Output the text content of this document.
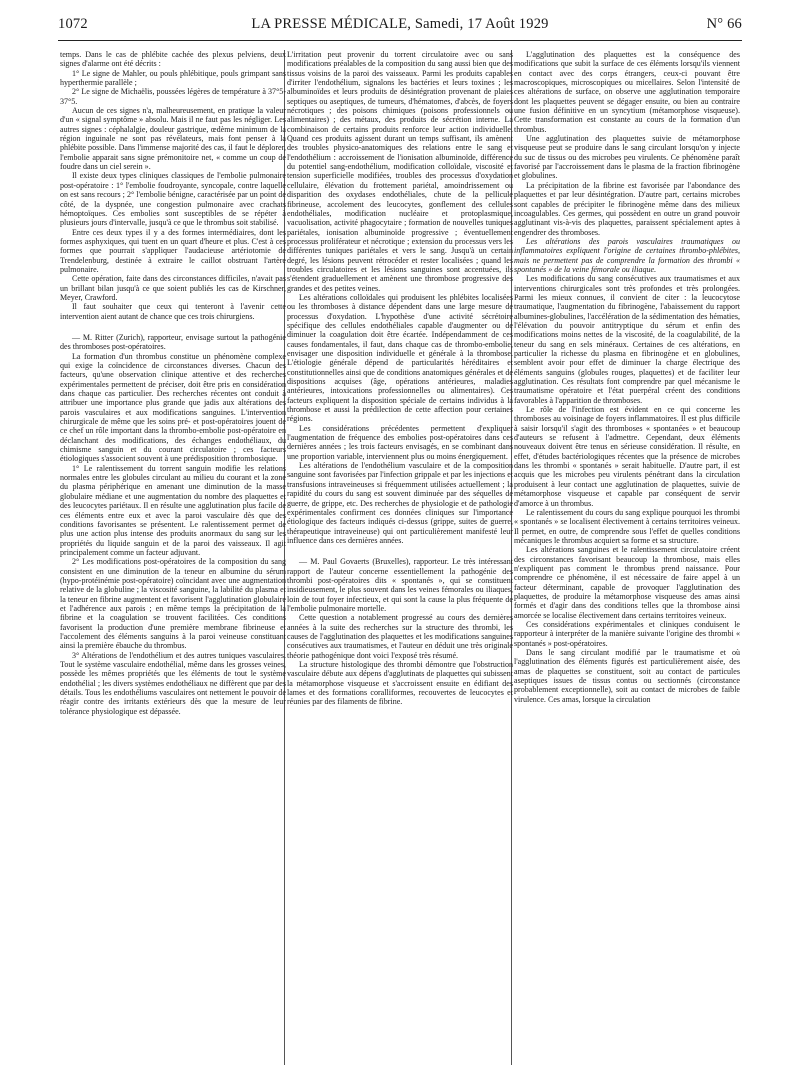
1072	LA PRESSE MÉDICALE, Samedi, 17 Août 1929	N° 66

temps. Dans le cas de phlébite cachée des plexus pelviens, deux signes d'alarme ont été décrits :

1° Le signe de Mahler, ou pouls phlébitique, pouls grimpant sans hyperthermie parallèle ;

2° Le signe de Michaëlis, poussées légères de température à 37°5-37°5.

Aucun de ces signes n'a, malheureusement, en pratique la valeur d'un « signal symptôme » absolu. Mais il ne faut pas les négliger. Les autres signes : céphalalgie, douleur gastrique, œdème minimum de la région inguinale ne sont pas révélateurs, mais font penser à la phlébite possible. Dans l'immense majorité des cas, il faut le déplorer, l'embolie apparait sans signe prémonitoire net, « comme un coup de foudre dans un ciel serein ».

Il existe deux types cliniques classiques de l'embolie pulmonaire post-opératoire : 1° l'embolie foudroyante, syncopale, contre laquelle on est sans recours ; 2° l'embolie bénigne, caractérisée par un point de côté, de la dyspnée, une congestion pulmonaire avec crachats hémoptoïques. Ces embolies sont susceptibles de se répéter à plusieurs jours d'intervalle, jusqu'à ce que le thrombus soit stabilisé.

Entre ces deux types il y a des formes intermédiaires, dont les formes asphyxiques, qui tuent en un quart d'heure et plus. C'est à ces formes que pourrait s'appliquer l'audacieuse artériotomie de Trendelenburg, destinée à extraire le caillot obstruant l'artère pulmonaire.

Cette opération, faite dans des circonstances difficiles, n'avait pas un brillant bilan jusqu'à ce que soient publiés les cas de Kirschner, Meyer, Crawford.

Il faut souhaiter que ceux qui tenteront à l'avenir cette intervention aient autant de chance que ces trois chirurgiens.

— M. Ritter (Zurich), rapporteur, envisage surtout la pathogénie des thromboses post-opératoires.

La formation d'un thrombus constitue un phénomène complexe qui exige la coïncidence de circonstances diverses. Chacun des facteurs, qu'une observation clinique attentive et des recherches expérimentales permettent de préciser, doit être pris en considération dans chaque cas particulier. Des recherches récentes ont conduit à attribuer une importance plus grande que jadis aux altérations des parois vasculaires et aux modifications sanguines. L'intervention chirurgicale de même que les soins pré- et post-opératoires jouent de ce chef un rôle important dans la thrombo-embolie post-opératoire en déclanchant des modifications, des échanges endothéliaux, du chimisme sanguin et du courant circulatoire ; ces facteurs étiologiques s'associent souvent à une prédisposition thrombosique.

1° Le ralentissement du torrent sanguin modifie les relations normales entre les globules circulant au milieu du courant et la zone du plasma périphérique en amenant une diminution de la masse globulaire médiane et une augmentation du nombre des plaquettes et des leucocytes pariétaux. Il en résulte une agglutination plus facile de ces éléments entre eux et avec la paroi vasculaire dès que des conditions favorisantes se présentent. Le ralentissement permet de plus une action plus intense des produits anormaux du sang sur les propriétés du liquide sanguin et de la paroi des vaisseaux. Il agit principalement comme un facteur adjuvant.

2° Les modifications post-opératoires de la composition du sang consistent en une diminution de la teneur en albumine du sérum (hypo-protéinémie post-opératoire) coïncidant avec une augmentation relative de la globuline ; la viscosité sanguine, la labilité du plasma et la teneur en fibrine augmentent et favorisent l'agglutination globulaire et l'adhérence aux parois ; en même temps la précipitation de la fibrine et la coagulation se trouvent facilitées. Ces conditions favorisent la production d'une première membrane fibrineuse et l'accolement des éléments sanguins à la paroi veineuse constituant ainsi la première ébauche du thrombus.

3° Altérations de l'endothélium et des autres tuniques vasculaires. Tout le système vasculaire endothélial, même dans les grosses veines, possède les mêmes propriétés que les éléments de tout le système endothélial ; les divers systèmes endothéliaux ne diffèrent que par des détails. Tous les endothéliums vasculaires ont nettement le pouvoir de réagir contre des irritants extérieurs dès que la mesure de leur tolérance physiologique est dépassée.

L'irritation peut provenir du torrent circulatoire avec ou sans modifications préalables de la composition du sang aussi bien que des tissus voisins de la paroi des vaisseaux. Parmi les produits capables d'irriter l'endothélium, signalons les bactéries et leurs toxines ; les albuminoïdes et leurs produits de désintégration provenant de plaies septiques ou aseptiques, de tumeurs, d'hématomes, d'abcès, de foyers nécrotiques ; des poisons chimiques (poisons professionnels ou alimentaires) ; des métaux, des produits de sécrétion interne. La combinaison de certains produits renforce leur action individuelle. Quand ces produits agissent durant un temps suffisant, ils amènent des troubles physico-anatomiques des relations entre le sang et l'endothélium : accroissement de l'ionisation albuminoïde, différence du potentiel sang-endothélium, modification colloïdale, viscosité et tension superficielle modifiées, troubles des processus d'oxydation cellulaire, élévation du frottement pariétal, amoindrissement ou disparition des oxydases endothéliales, chute de la pellicule fibrineuse, accolement des leucocytes, gonflement des cellules endothéliales, modification nucléaire et protoplasmique, vacuolisation, activité phagocytaire ; formation de nouvelles tuniques pariétales, ionisation albuminoïde progressive ; éventuellement processus proliférateur et nécrotique ; extension du processus vers les différentes tuniques pariétales et vers le sang. Jusqu'à un certain degré, les lésions peuvent rétrocéder et rester localisées ; quand les troubles circulatoires et les lésions sanguines sont accentuées, ils s'étendent graduellement et amènent une thrombose progressive des grandes et des petites veines.

Les altérations colloïdales qui produisent les phlébites localisées ou les thromboses à distance dépendent dans une large mesure de processus d'oxydation. L'hypothèse d'une activité sécrétoire spécifique des cellules endothéliales capable d'augmenter ou de diminuer la coagulation doit être écartée. Indépendamment de ces causes fondamentales, il faut, dans chaque cas de thrombo-embolie, envisager une disposition individuelle et générale à la thrombose. L'étiologie générale dépend de particularités héréditaires et constitutionnelles ainsi que de conditions anatomiques générales et de dispositions acquises (âge, opérations antérieures, maladies antérieures, intoxications professionnelles ou alimentaires). Ces facteurs expliquent la disposition spéciale de certains individus à la thrombose et aussi la prédilection de cette affection pour certaines régions.

Les considérations précédentes permettent d'expliquer l'augmentation de fréquence des embolies post-opératoires dans ces dernières années ; les trois facteurs envisagés, en se combinant dans une proportion variable, interviennent plus ou moins énergiquement.

Les altérations de l'endothélium vasculaire et de la composition sanguine sont favorisées par l'infection grippale et par les injections et transfusions intraveineuses si fréquemment utilisées actuellement ; la rapidité du cours du sang est souvent diminuée par des séquelles de guerre, de grippe, etc. Des recherches de physiologie et de pathologie expérimentales confirment ces données cliniques sur l'importance étiologique des facteurs indiqués ci-dessus (grippe, suites de guerre, thérapeutique intraveineuse) qui ont particulièrement manifesté leur influence dans ces dernières années.

— M. Paul Govaerts (Bruxelles), rapporteur. Le très intéressant rapport de l'auteur concerne essentiellement la pathogénie des thrombi post-opératoires dits « spontanés », qui se constituent insidieusement, le plus souvent dans les veines fémorales ou iliaques, loin de tout foyer infectieux, et qui sont la cause la plus fréquente de l'embolie pulmonaire mortelle.

Cette question a notablement progressé au cours des dernières années à la suite des recherches sur la structure des thrombi, les causes de l'agglutination des plaquettes et les modifications sanguines consécutives aux traumatismes, et l'auteur en déduit une très originale théorie pathogénique dont voici l'exposé très résumé.

La structure histologique des thrombi démontre que l'obstruction vasculaire débute aux dépens d'agglutinats de plaquettes qui subissent la métamorphose visqueuse et s'accroissent ensuite en édifiant des lames et des formations coralliformes, recouvertes de leucocytes et réunies par des filaments de fibrine.

L'agglutination des plaquettes est la conséquence des modifications que subit la surface de ces éléments lorsqu'ils viennent en contact avec des corps étrangers, ceux-ci pouvant être macroscopiques, microscopiques ou micellaires. Selon l'intensité de ces altérations de surface, on observe une agglutination temporaire dont les plaquettes peuvent se dégager ensuite, ou bien au contraire une fusion définitive en un syncytium (métamorphose visqueuse). Cette transformation est constante au cours de la formation d'un thrombus.

Une agglutination des plaquettes suivie de métamorphose visqueuse peut se produire dans le sang circulant lorsqu'on y injecte du suc de tissus ou des microbes peu virulents. Ce phénomène paraît favorisé par l'accroissement dans le plasma de la fraction fibrinogène et globulines.

La précipitation de la fibrine est favorisée par l'abondance des plaquettes et par leur désintégration. D'autre part, certains microbes sont capables de précipiter le fibrinogène même dans des milieux incoagulables. Ces germes, qui possèdent en outre un grand pouvoir agglutinant vis-à-vis des plaquettes, paraissent spécialement aptes à engendrer des thromboses.

Les altérations des parois vasculaires traumatiques ou inflammatoires expliquent l'origine de certaines thrombo-phlébites, mais ne permettent pas de comprendre la formation des thrombi « spontanés » de la veine fémorale ou iliaque.

Les modifications du sang consécutives aux traumatismes et aux interventions chirurgicales sont très profondes et très prolongées. Parmi les mieux connues, il convient de citer : la leucocytose traumatique, l'augmentation du fibrinogène, l'abaissement du rapport albumines-globulines, l'accélération de la sédimentation des hématies, l'élévation du pouvoir antitryptique du sérum et enfin des modifications moins nettes de la viscosité, de la coagulabilité, de la teneur du sang en sels minéraux. Certaines de ces altérations, en particulier la richesse du plasma en fibrinogène et en globulines, semblent avoir pour effet de diminuer la charge électrique des éléments sanguins (globules rouges, plaquettes) et de faciliter leur agglutination. Ces résultats font comprendre par quel mécanisme le traumatisme opératoire et l'état puerpéral créent des conditions favorables à l'apparition de thromboses.

Le rôle de l'infection est évident en ce qui concerne les thromboses au voisinage de foyers inflammatoires. Il est plus difficile à saisir lorsqu'il s'agit des thromboses « spontanées » et beaucoup d'auteurs se refusent à l'admettre. Cependant, deux éléments nouveaux doivent être tenus en sérieuse considération. Il résulte, en effet, d'études bactériologiques récentes que la présence de microbes dans les thrombi « spontanés » serait habituelle. D'autre part, il est acquis que les microbes peu virulents pénétrant dans la circulation produisent à leur contact une agglutination de plaquettes, suivie de métamorphose visqueuse et capable par conséquent de servir d'amorce à un thrombus.

Le ralentissement du cours du sang explique pourquoi les thrombi « spontanés » se localisent électivement à certains territoires veineux. Il permet, en outre, de comprendre sous l'effet de quelles conditions mécaniques le thrombus acquiert sa forme et sa structure.

Les altérations sanguines et le ralentissement circulatoire créent des circonstances favorisant beaucoup la thrombose, mais elles n'expliquent pas comment le thrombus prend naissance. Pour comprendre ce phénomène, il est nécessaire de faire appel à un facteur déterminant, capable de provoquer l'agglutination des plaquettes, de produire la métamorphose visqueuse des amas ainsi formés et d'agir dans des conditions telles que la thrombose ainsi amorcée se localise électivement dans certains territoires veineux.

Ces considérations expérimentales et cliniques conduisent le rapporteur à interpréter de la manière suivante l'origine des thrombi « spontanés » post-opératoires.

Dans le sang circulant modifié par le traumatisme et où l'agglutination des éléments figurés est particulièrement aisée, des amas de plaquettes se constituent, soit au contact de particules aseptiques issues de tissus contus ou sectionnés (circonstance probablement exceptionnelle), soit au contact de microbes de faible virulence. Ces amas, lorsque la circulation
